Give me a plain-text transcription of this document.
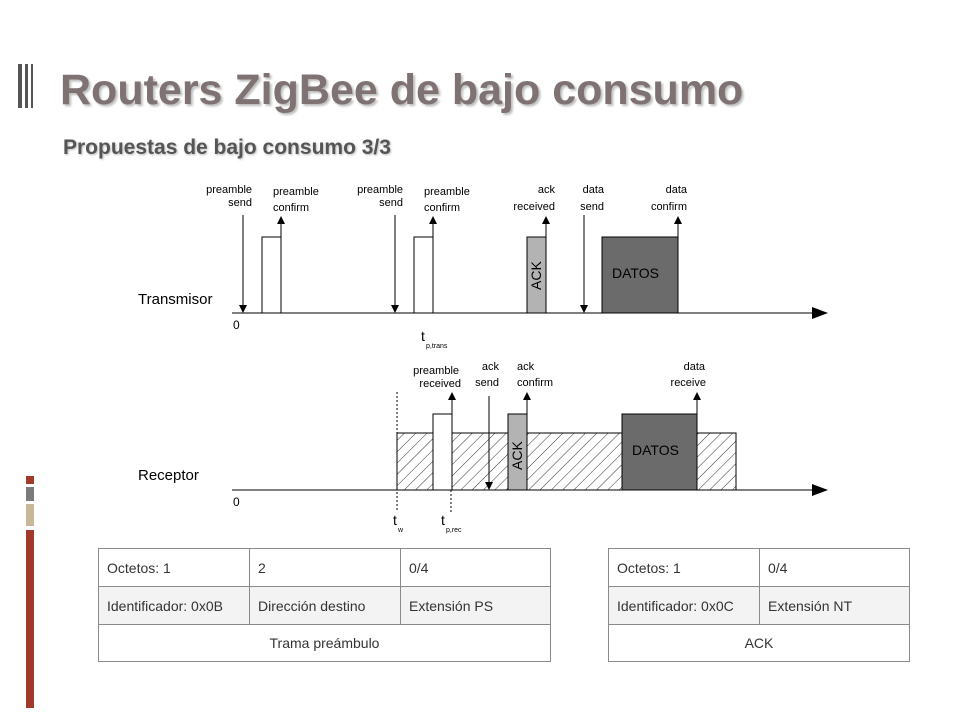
Routers ZigBee de bajo consumo
Propuestas de bajo consumo 3/3
Transmisor
0
ACK	DATOS
preamble
send
preamble
send
ack
received
data
send
data
confirm
preamble
confirm
preamble
confirm
t
p,trans
Receptor
0
ACK	DATOS
preamble
received
ack
send
data
receive
ack
confirm
t
w
t
p,rec
Octetos: 1	2	0/4
Identificador: 0x0B	Dirección destino	Extensión PS
Trama preámbulo		
Octetos: 1	0/4
Identificador: 0x0C	Extensión NT
ACK	
